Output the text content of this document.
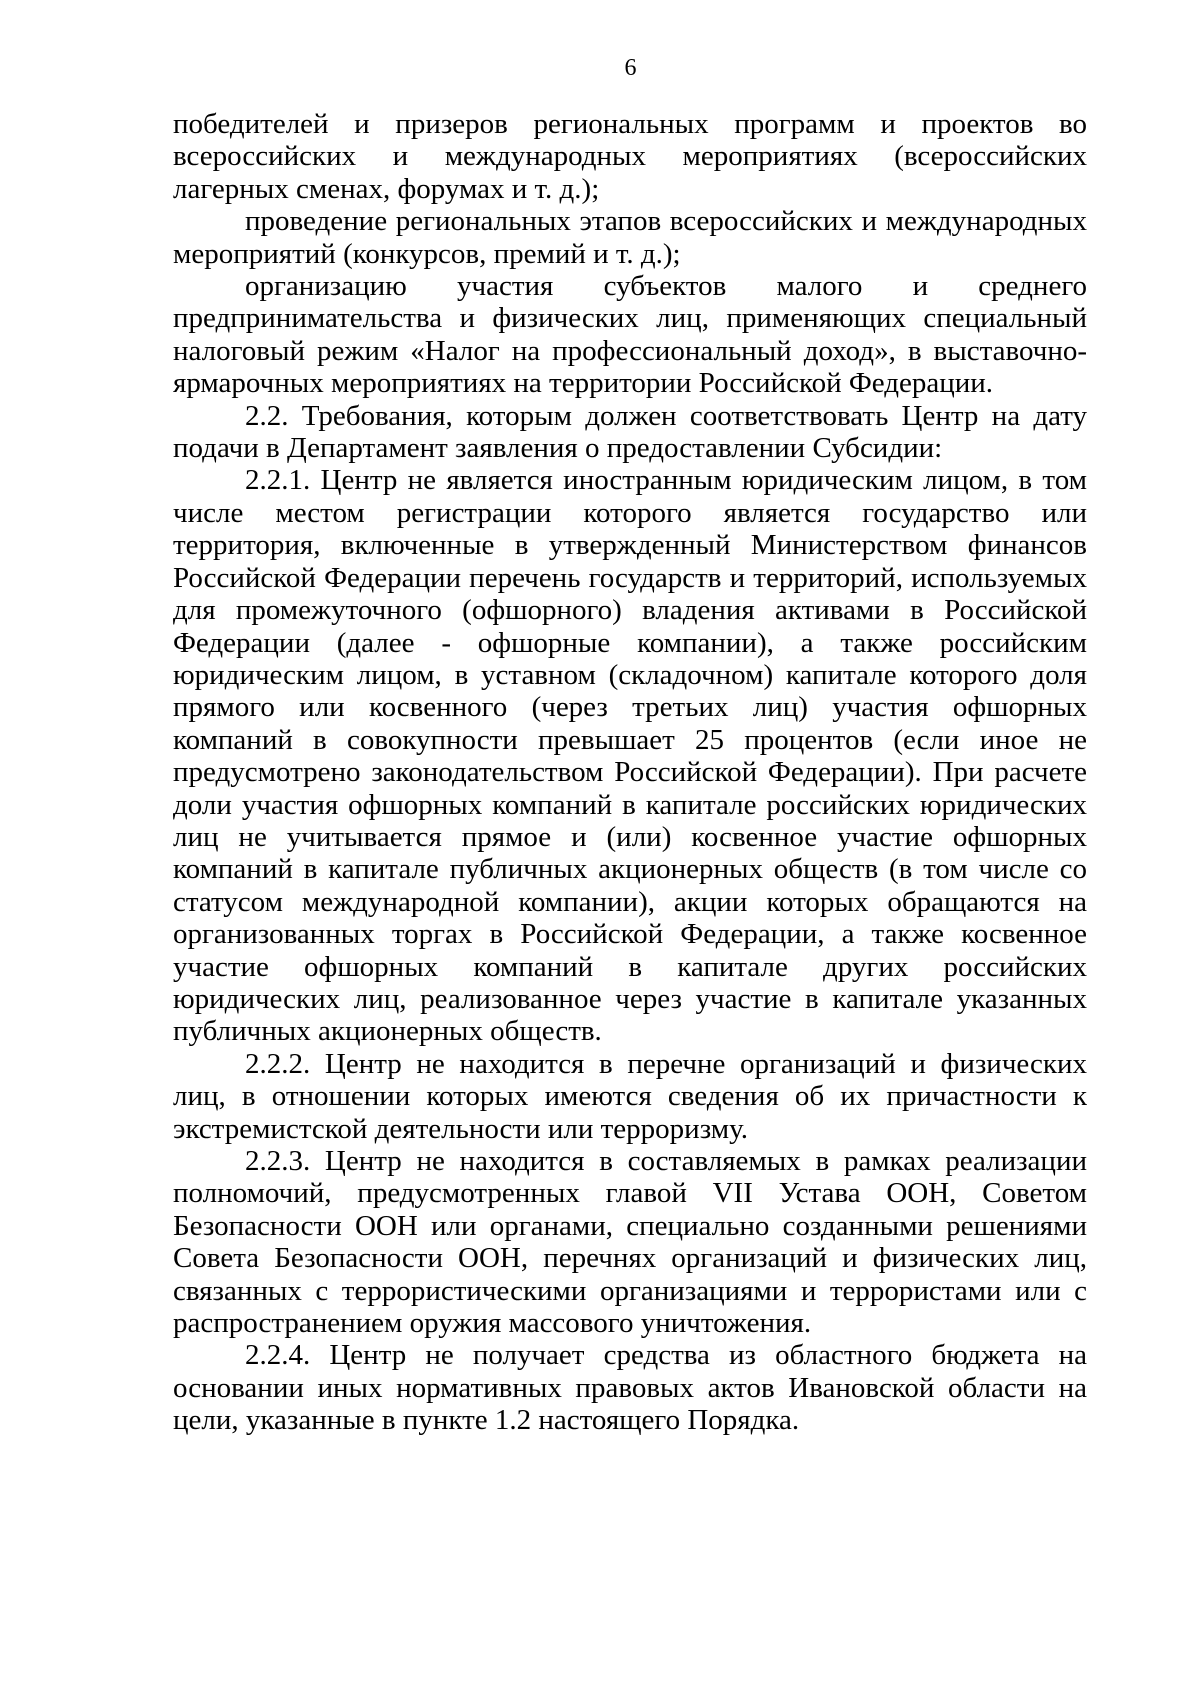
6

победителей и призеров региональных программ и проектов во всероссийских и международных мероприятиях (всероссийских лагерных сменах, форумах и т. д.);

проведение региональных этапов всероссийских и международных мероприятий (конкурсов, премий и т. д.);

организацию участия субъектов малого и среднего предпринимательства и физических лиц, применяющих специальный налоговый режим «Налог на профессиональный доход», в выставочно-ярмарочных мероприятиях на территории Российской Федерации.

2.2. Требования, которым должен соответствовать Центр на дату подачи в Департамент заявления о предоставлении Субсидии:

2.2.1. Центр не является иностранным юридическим лицом, в том числе местом регистрации которого является государство или территория, включенные в утвержденный Министерством финансов Российской Федерации перечень государств и территорий, используемых для промежуточного (офшорного) владения активами в Российской Федерации (далее - офшорные компании), а также российским юридическим лицом, в уставном (складочном) капитале которого доля прямого или косвенного (через третьих лиц) участия офшорных компаний в совокупности превышает 25 процентов (если иное не предусмотрено законодательством Российской Федерации). При расчете доли участия офшорных компаний в капитале российских юридических лиц не учитывается прямое и (или) косвенное участие офшорных компаний в капитале публичных акционерных обществ (в том числе со статусом международной компании), акции которых обращаются на организованных торгах в Российской Федерации, а также косвенное участие офшорных компаний в капитале других российских юридических лиц, реализованное через участие в капитале указанных публичных акционерных обществ.

2.2.2. Центр не находится в перечне организаций и физических лиц, в отношении которых имеются сведения об их причастности к экстремистской деятельности или терроризму.

2.2.3. Центр не находится в составляемых в рамках реализации полномочий, предусмотренных главой VII Устава ООН, Советом Безопасности ООН или органами, специально созданными решениями Совета Безопасности ООН, перечнях организаций и физических лиц, связанных с террористическими организациями и террористами или с распространением оружия массового уничтожения.

2.2.4. Центр не получает средства из областного бюджета на основании иных нормативных правовых актов Ивановской области на цели, указанные в пункте 1.2 настоящего Порядка.
